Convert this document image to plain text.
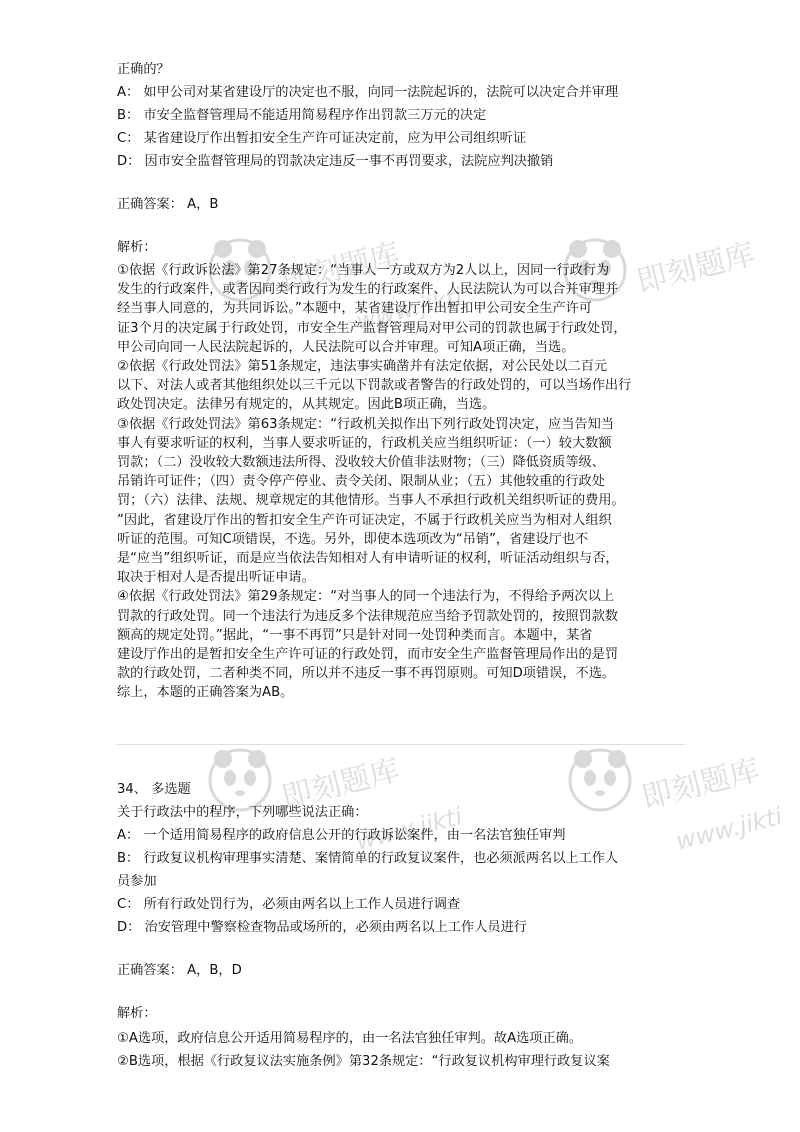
即刻题库
www.jikti
即刻题库
即刻题库
www.jikti
即刻题库
www.jikti
正确的？
A： 如甲公司对某省建设厅的决定也不服，向同一法院起诉的，法院可以决定合并审理
B： 市安全监督管理局不能适用简易程序作出罚款三万元的决定
C： 某省建设厅作出暂扣安全生产许可证决定前，应为甲公司组织听证
D： 因市安全监督管理局的罚款决定违反一事不再罚要求，法院应判决撤销
正确答案： A，B
解析：
①依据《行政诉讼法》第27条规定：“当事人一方或双方为2人以上，因同一行政行为
发生的行政案件，或者因同类行政行为发生的行政案件、人民法院认为可以合并审理并
经当事人同意的，为共同诉讼。”本题中，某省建设厅作出暂扣甲公司安全生产许可
证3个月的决定属于行政处罚，市安全生产监督管理局对甲公司的罚款也属于行政处罚，
甲公司向同一人民法院起诉的，人民法院可以合并审理。可知A项正确，当选。
②依据《行政处罚法》第51条规定，违法事实确凿并有法定依据，对公民处以二百元
以下、对法人或者其他组织处以三千元以下罚款或者警告的行政处罚的，可以当场作出行
政处罚决定。法律另有规定的，从其规定。因此B项正确，当选。
③依据《行政处罚法》第63条规定：“行政机关拟作出下列行政处罚决定，应当告知当
事人有要求听证的权利，当事人要求听证的，行政机关应当组织听证：（一）较大数额
罚款；（二）没收较大数额违法所得、没收较大价值非法财物；（三）降低资质等级、
吊销许可证件；（四）责令停产停业、责令关闭、限制从业；（五）其他较重的行政处
罚；（六）法律、法规、规章规定的其他情形。当事人不承担行政机关组织听证的费用。
”因此，省建设厅作出的暂扣安全生产许可证决定，不属于行政机关应当为相对人组织
听证的范围。可知C项错误，不选。另外，即使本选项改为“吊销”，省建设厅也不
是“应当”组织听证，而是应当依法告知相对人有申请听证的权利，听证活动组织与否，
取决于相对人是否提出听证申请。
④依据《行政处罚法》第29条规定：“对当事人的同一个违法行为，不得给予两次以上
罚款的行政处罚。同一个违法行为违反多个法律规范应当给予罚款处罚的，按照罚款数
额高的规定处罚。”据此，“一事不再罚”只是针对同一处罚种类而言。本题中，某省
建设厅作出的是暂扣安全生产许可证的行政处罚，而市安全生产监督管理局作出的是罚
款的行政处罚，二者种类不同，所以并不违反一事不再罚原则。可知D项错误，不选。
综上，本题的正确答案为AB。
34、 多选题
关于行政法中的程序，下列哪些说法正确：
A： 一个适用简易程序的政府信息公开的行政诉讼案件，由一名法官独任审判
B： 行政复议机构审理事实清楚、案情简单的行政复议案件，也必须派两名以上工作人
员参加
C： 所有行政处罚行为，必须由两名以上工作人员进行调查
D： 治安管理中警察检查物品或场所的，必须由两名以上工作人员进行
正确答案： A，B，D
解析：
①A选项，政府信息公开适用简易程序的，由一名法官独任审判。故A选项正确。
②B选项，根据《行政复议法实施条例》第32条规定：“行政复议机构审理行政复议案
